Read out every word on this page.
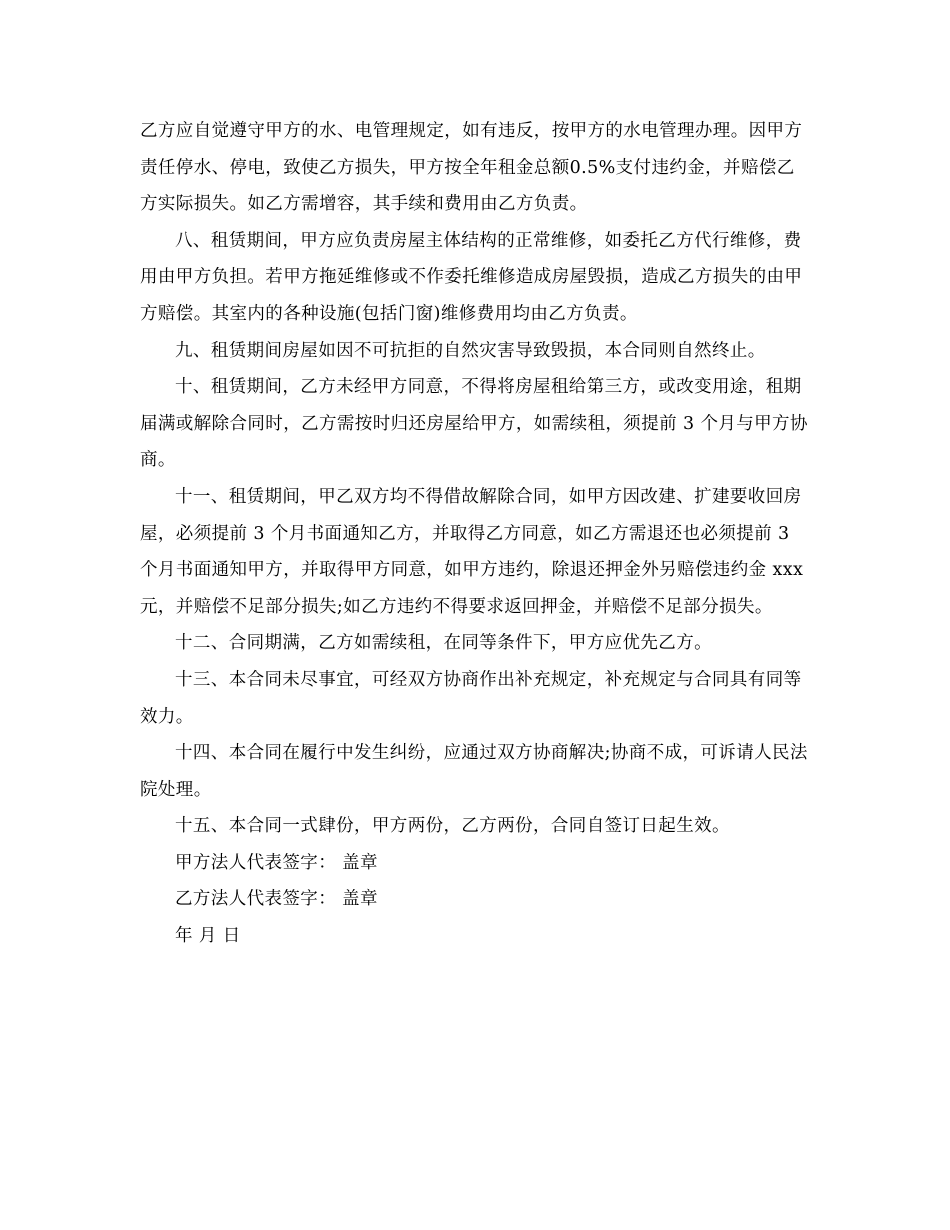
乙方应自觉遵守甲方的水、电管理规定，如有违反，按甲方的水电管理办理。因甲方责任停水、停电，致使乙方损失，甲方按全年租金总额0.5%支付违约金，并赔偿乙方实际损失。如乙方需增容，其手续和费用由乙方负责。

八、租赁期间，甲方应负责房屋主体结构的正常维修，如委托乙方代行维修，费用由甲方负担。若甲方拖延维修或不作委托维修造成房屋毁损，造成乙方损失的由甲方赔偿。其室内的各种设施(包括门窗)维修费用均由乙方负责。

九、租赁期间房屋如因不可抗拒的自然灾害导致毁损，本合同则自然终止。

十、租赁期间，乙方未经甲方同意，不得将房屋租给第三方，或改变用途，租期届满或解除合同时，乙方需按时归还房屋给甲方，如需续租，须提前 3 个月与甲方协商。

十一、租赁期间，甲乙双方均不得借故解除合同，如甲方因改建、扩建要收回房屋，必须提前 3 个月书面通知乙方，并取得乙方同意，如乙方需退还也必须提前 3 个月书面通知甲方，并取得甲方同意，如甲方违约，除退还押金外另赔偿违约金 xxx 元，并赔偿不足部分损失;如乙方违约不得要求返回押金，并赔偿不足部分损失。

十二、合同期满，乙方如需续租，在同等条件下，甲方应优先乙方。

十三、本合同未尽事宜，可经双方协商作出补充规定，补充规定与合同具有同等效力。

十四、本合同在履行中发生纠纷，应通过双方协商解决;协商不成，可诉请人民法院处理。

十五、本合同一式肆份，甲方两份，乙方两份，合同自签订日起生效。

甲方法人代表签字： 盖章

乙方法人代表签字： 盖章

年 月 日
